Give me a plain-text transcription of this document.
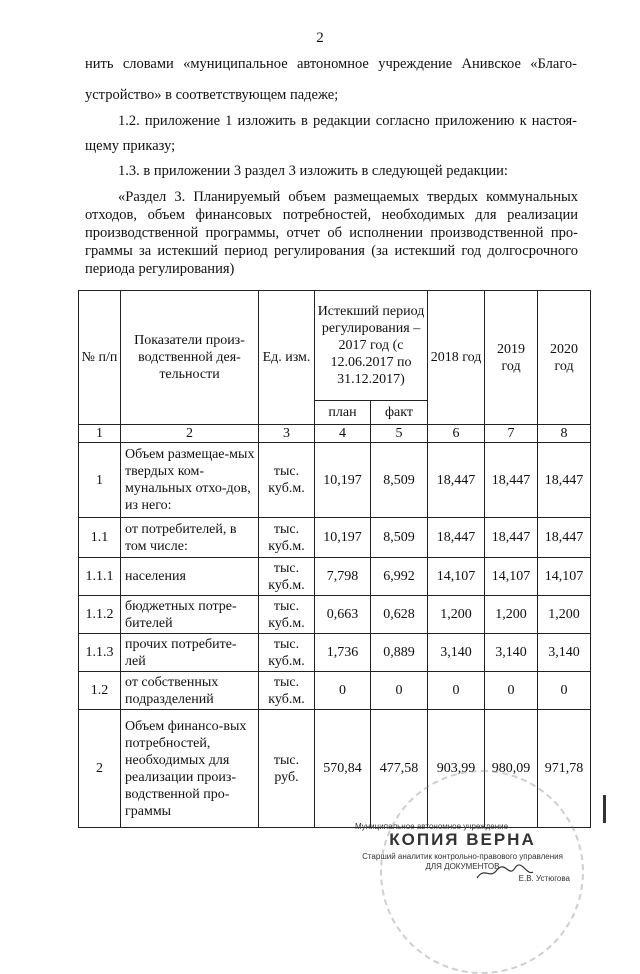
2
нить словами «муниципальное автономное учреждение Анивское «Благо-
устройство» в соответствующем падеже;
1.2. приложение 1 изложить в редакции согласно приложению к настоя-
щему приказу;
1.3. в приложении 3 раздел 3 изложить в следующей редакции:
«Раздел 3. Планируемый объем размещаемых твердых коммунальных
отходов, объем финансовых потребностей, необходимых для реализации
производственной программы, отчет об исполнении производственной про-
граммы за истекший период регулирования (за истекший год долгосрочного
периода регулирования)
№ п/п	Показатели произ-водственной дея-тельности	Ед. изм.	Истекший период регулирования – 2017 год (с 12.06.2017 по 31.12.2017)		2018 год	2019 год	2020 год
			план	факт			
1	2	3	4	5	6	7	8
1	Объем размещае-мых твердых ком-мунальных отхо-дов, из него:	тыс. куб.м.	10,197	8,509	18,447	18,447	18,447
1.1	от потребителей, в том числе:	тыс. куб.м.	10,197	8,509	18,447	18,447	18,447
1.1.1	населения	тыс. куб.м.	7,798	6,992	14,107	14,107	14,107
1.1.2	бюджетных потре-бителей	тыс. куб.м.	0,663	0,628	1,200	1,200	1,200
1.1.3	прочих потребите-лей	тыс. куб.м.	1,736	0,889	3,140	3,140	3,140
1.2	от собственных подразделений	тыс. куб.м.	0	0	0	0	0
2	Объем финансо-вых потребностей, необходимых для реализации произ-водственной про-граммы	тыс. руб.	570,84	477,58	903,99	980,09	971,78
Муниципальное автономное учреждение
КОПИЯ ВЕРНА
Старший аналитик контрольно-правового управления
ДЛЯ ДОКУМЕНТОВ
Е.В. Устюгова
